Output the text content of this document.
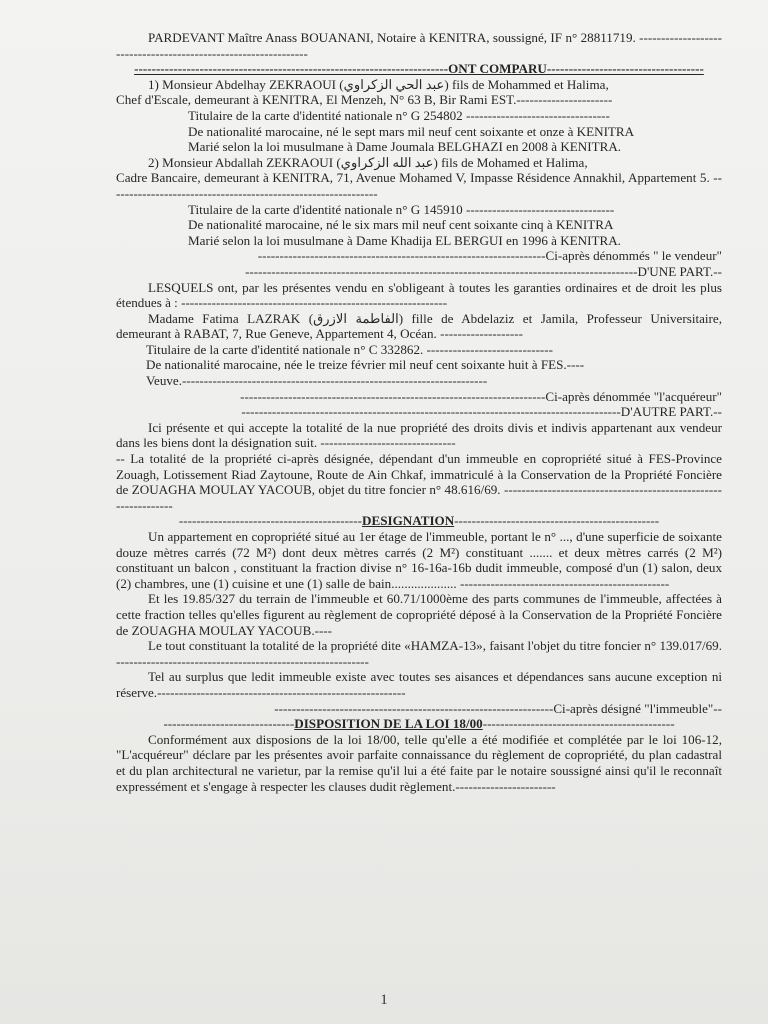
PARDEVANT Maître Anass BOUANANI, Notaire à KENITRA, soussigné, IF n° 28811719. ---------------------------------------------------------------

------------------------------------------------------------------------ONT COMPARU------------------------------------

1) Monsieur Abdelhay ZEKRAOUI (عبد الحي الزكراوي) fils de Mohammed et Halima,

Chef d'Escale, demeurant à KENITRA, El Menzeh, N° 63 B, Bir Rami EST.----------------------

Titulaire de la carte d'identité nationale n° G 254802 ---------------------------------

De nationalité marocaine, né le sept mars mil neuf cent soixante et onze à KENITRA

Marié selon la loi musulmane à Dame Joumala BELGHAZI en 2008 à KENITRA.

2) Monsieur Abdallah ZEKRAOUI (عبد الله الزكراوي) fils de Mohamed et Halima,

Cadre Bancaire, demeurant à KENITRA, 71, Avenue Mohamed V, Impasse Résidence Annakhil, Appartement 5. --------------------------------------------------------------

Titulaire de la carte d'identité nationale n° G 145910 ----------------------------------

De nationalité marocaine, né le six mars mil neuf cent soixante cinq à KENITRA

Marié selon la loi musulmane à Dame Khadija EL BERGUI en 1996 à KENITRA.

------------------------------------------------------------------Ci-après dénommés " le vendeur"

------------------------------------------------------------------------------------------D'UNE PART.--

LESQUELS ont, par les présentes vendu en s'obligeant à toutes les garanties ordinaires et de droit les plus étendues à : -------------------------------------------------------------

Madame Fatima LAZRAK (الفاطمة الازرق) fille de Abdelaziz et Jamila, Professeur Universitaire, demeurant à RABAT, 7, Rue Geneve, Appartement 4, Océan. -------------------

Titulaire de la carte d'identité nationale n° C 332862. -----------------------------

De nationalité marocaine, née le treize février mil neuf cent soixante huit à FES.----

Veuve.----------------------------------------------------------------------

----------------------------------------------------------------------Ci-après dénommée "l'acquéreur"

---------------------------------------------------------------------------------------D'AUTRE PART.--

Ici présente et qui accepte la totalité de la nue propriété des droits divis et indivis appartenant aux vendeur dans les biens dont la désignation suit. -------------------------------

-- La totalité de la propriété ci-après désignée, dépendant d'un immeuble en copropriété situé à FES-Province Zouagh, Lotissement Riad Zaytoune, Route de Ain Chkaf, immatriculé à la Conservation de la Propriété Foncière de ZOUAGHA MOULAY YACOUB, objet du titre foncier n° 48.616/69. ---------------------------------------------------------------

------------------------------------------DESIGNATION-----------------------------------------------

Un appartement en copropriété situé au 1er étage de l'immeuble, portant le n° ..., d'une superficie de soixante douze mètres carrés (72 M²) dont deux mètres carrés (2 M²) constituant ....... et deux mètres carrés (2 M²) constituant un balcon , constituant la fraction divise n° 16-16a-16b dudit immeuble, composé d'un (1) salon, deux (2) chambres, une (1) cuisine et une (1) salle de bain.................... ------------------------------------------------

Et les 19.85/327 du terrain de l'immeuble et 60.71/1000ème des parts communes de l'immeuble, affectées à cette fraction telles qu'elles figurent au règlement de copropriété déposé à la Conservation de la Propriété Foncière de ZOUAGHA MOULAY YACOUB.----

Le tout constituant la totalité de la propriété dite «HAMZA-13», faisant l'objet du titre foncier n° 139.017/69. ----------------------------------------------------------

Tel au surplus que ledit immeuble existe avec toutes ses aisances et dépendances sans aucune exception ni réserve.---------------------------------------------------------

----------------------------------------------------------------Ci-après désigné "l'immeuble"--

------------------------------DISPOSITION DE LA LOI 18/00--------------------------------------------

Conformément aux disposions de la loi 18/00, telle qu'elle a été modifiée et complétée par le loi 106-12, "L'acquéreur" déclare par les présentes avoir parfaite connaissance du règlement de copropriété, du plan cadastral et du plan architectural ne varietur, par la remise qu'il lui a été faite par le notaire soussigné ainsi qu'il le reconnaît expressément et s'engage à respecter les clauses dudit règlement.-----------------------

1
